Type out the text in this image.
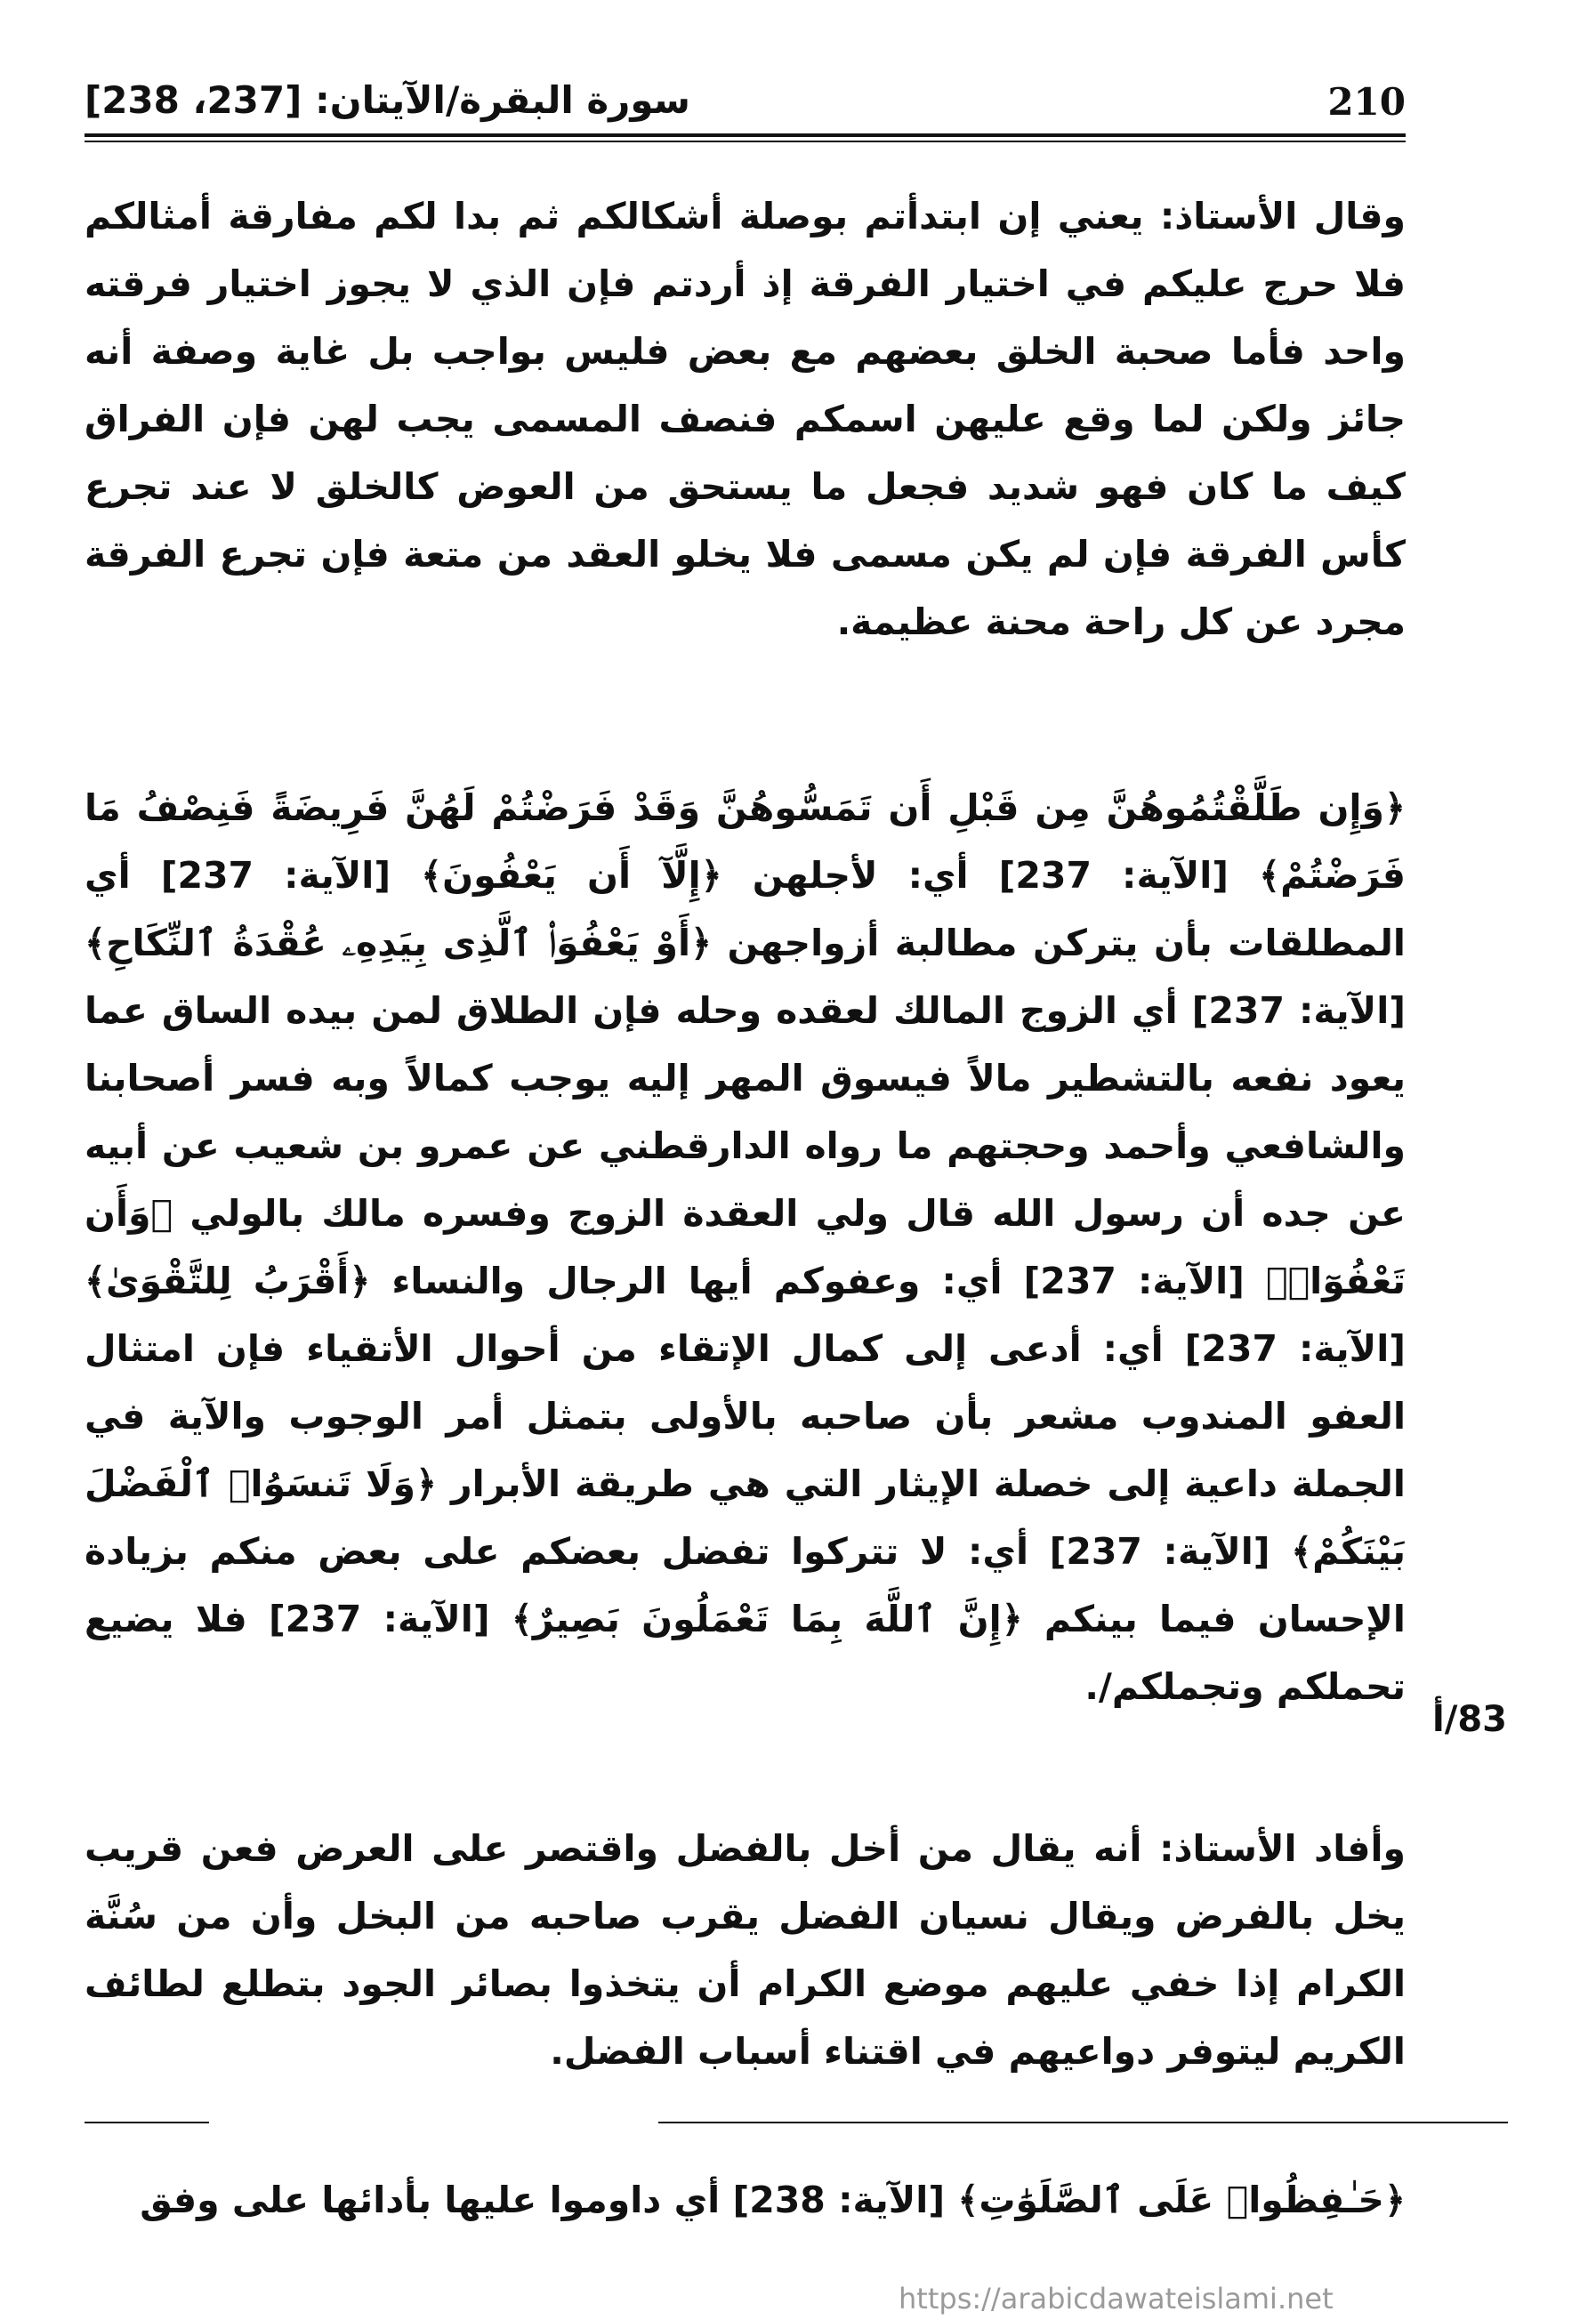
210
سورة البقرة/الآيتان: [237، 238]

وقال الأستاذ: يعني إن ابتدأتم بوصلة أشكالكم ثم بدا لكم مفارقة أمثالكم فلا حرج عليكم في اختيار الفرقة إذ أردتم فإن الذي لا يجوز اختيار فرقته واحد فأما صحبة الخلق بعضهم مع بعض فليس بواجب بل غاية وصفة أنه جائز ولكن لما وقع عليهن اسمكم فنصف المسمى يجب لهن فإن الفراق كيف ما كان فهو شديد فجعل ما يستحق من العوض كالخلق لا عند تجرع كأس الفرقة فإن لم يكن مسمى فلا يخلو العقد من متعة فإن تجرع الفرقة مجرد عن كل راحة محنة عظيمة.

﴿وَإِن طَلَّقْتُمُوهُنَّ مِن قَبْلِ أَن تَمَسُّوهُنَّ وَقَدْ فَرَضْتُمْ لَهُنَّ فَرِيضَةً فَنِصْفُ مَا فَرَضْتُمْ﴾ [الآية: 237] أي: لأجلهن ﴿إِلَّآ أَن يَعْفُونَ﴾ [الآية: 237] أي المطلقات بأن يتركن مطالبة أزواجهن ﴿أَوْ يَعْفُوَا۟ ٱلَّذِى بِيَدِهِۦ عُقْدَةُ ٱلنِّكَاحِ﴾ [الآية: 237] أي الزوج المالك لعقده وحله فإن الطلاق لمن بيده الساق عما يعود نفعه بالتشطير مالاً فيسوق المهر إليه يوجب كمالاً وبه فسر أصحابنا والشافعي وأحمد وحجتهم ما رواه الدارقطني عن عمرو بن شعيب عن أبيه عن جده أن رسول الله قال ولي العقدة الزوج وفسره مالك بالولي ﴿وَأَن تَعْفُوٓا۟﴾ [الآية: 237] أي: وعفوكم أيها الرجال والنساء ﴿أَقْرَبُ لِلتَّقْوَىٰ﴾ [الآية: 237] أي: أدعى إلى كمال الإتقاء من أحوال الأتقياء فإن امتثال العفو المندوب مشعر بأن صاحبه بالأولى بتمثل أمر الوجوب والآية في الجملة داعية إلى خصلة الإيثار التي هي طريقة الأبرار ﴿وَلَا تَنسَوُا۟ ٱلْفَضْلَ بَيْنَكُمْ﴾ [الآية: 237] أي: لا تتركوا تفضل بعضكم على بعض منكم بزيادة الإحسان فيما بينكم ﴿إِنَّ ٱللَّهَ بِمَا تَعْمَلُونَ بَصِيرٌ﴾ [الآية: 237] فلا يضيع تحملكم وتجملكم/.

83/أ

وأفاد الأستاذ: أنه يقال من أخل بالفضل واقتصر على العرض فعن قريب يخل بالفرض ويقال نسيان الفضل يقرب صاحبه من البخل وأن من سُنَّة الكرام إذا خفي عليهم موضع الكرام أن يتخذوا بصائر الجود بتطلع لطائف الكريم ليتوفر دواعيهم في اقتناء أسباب الفضل.

﴿حَـٰفِظُوا۟ عَلَى ٱلصَّلَوَٰتِ﴾ [الآية: 238] أي داوموا عليها بأدائها على وفق

https://arabicdawateislami.net
